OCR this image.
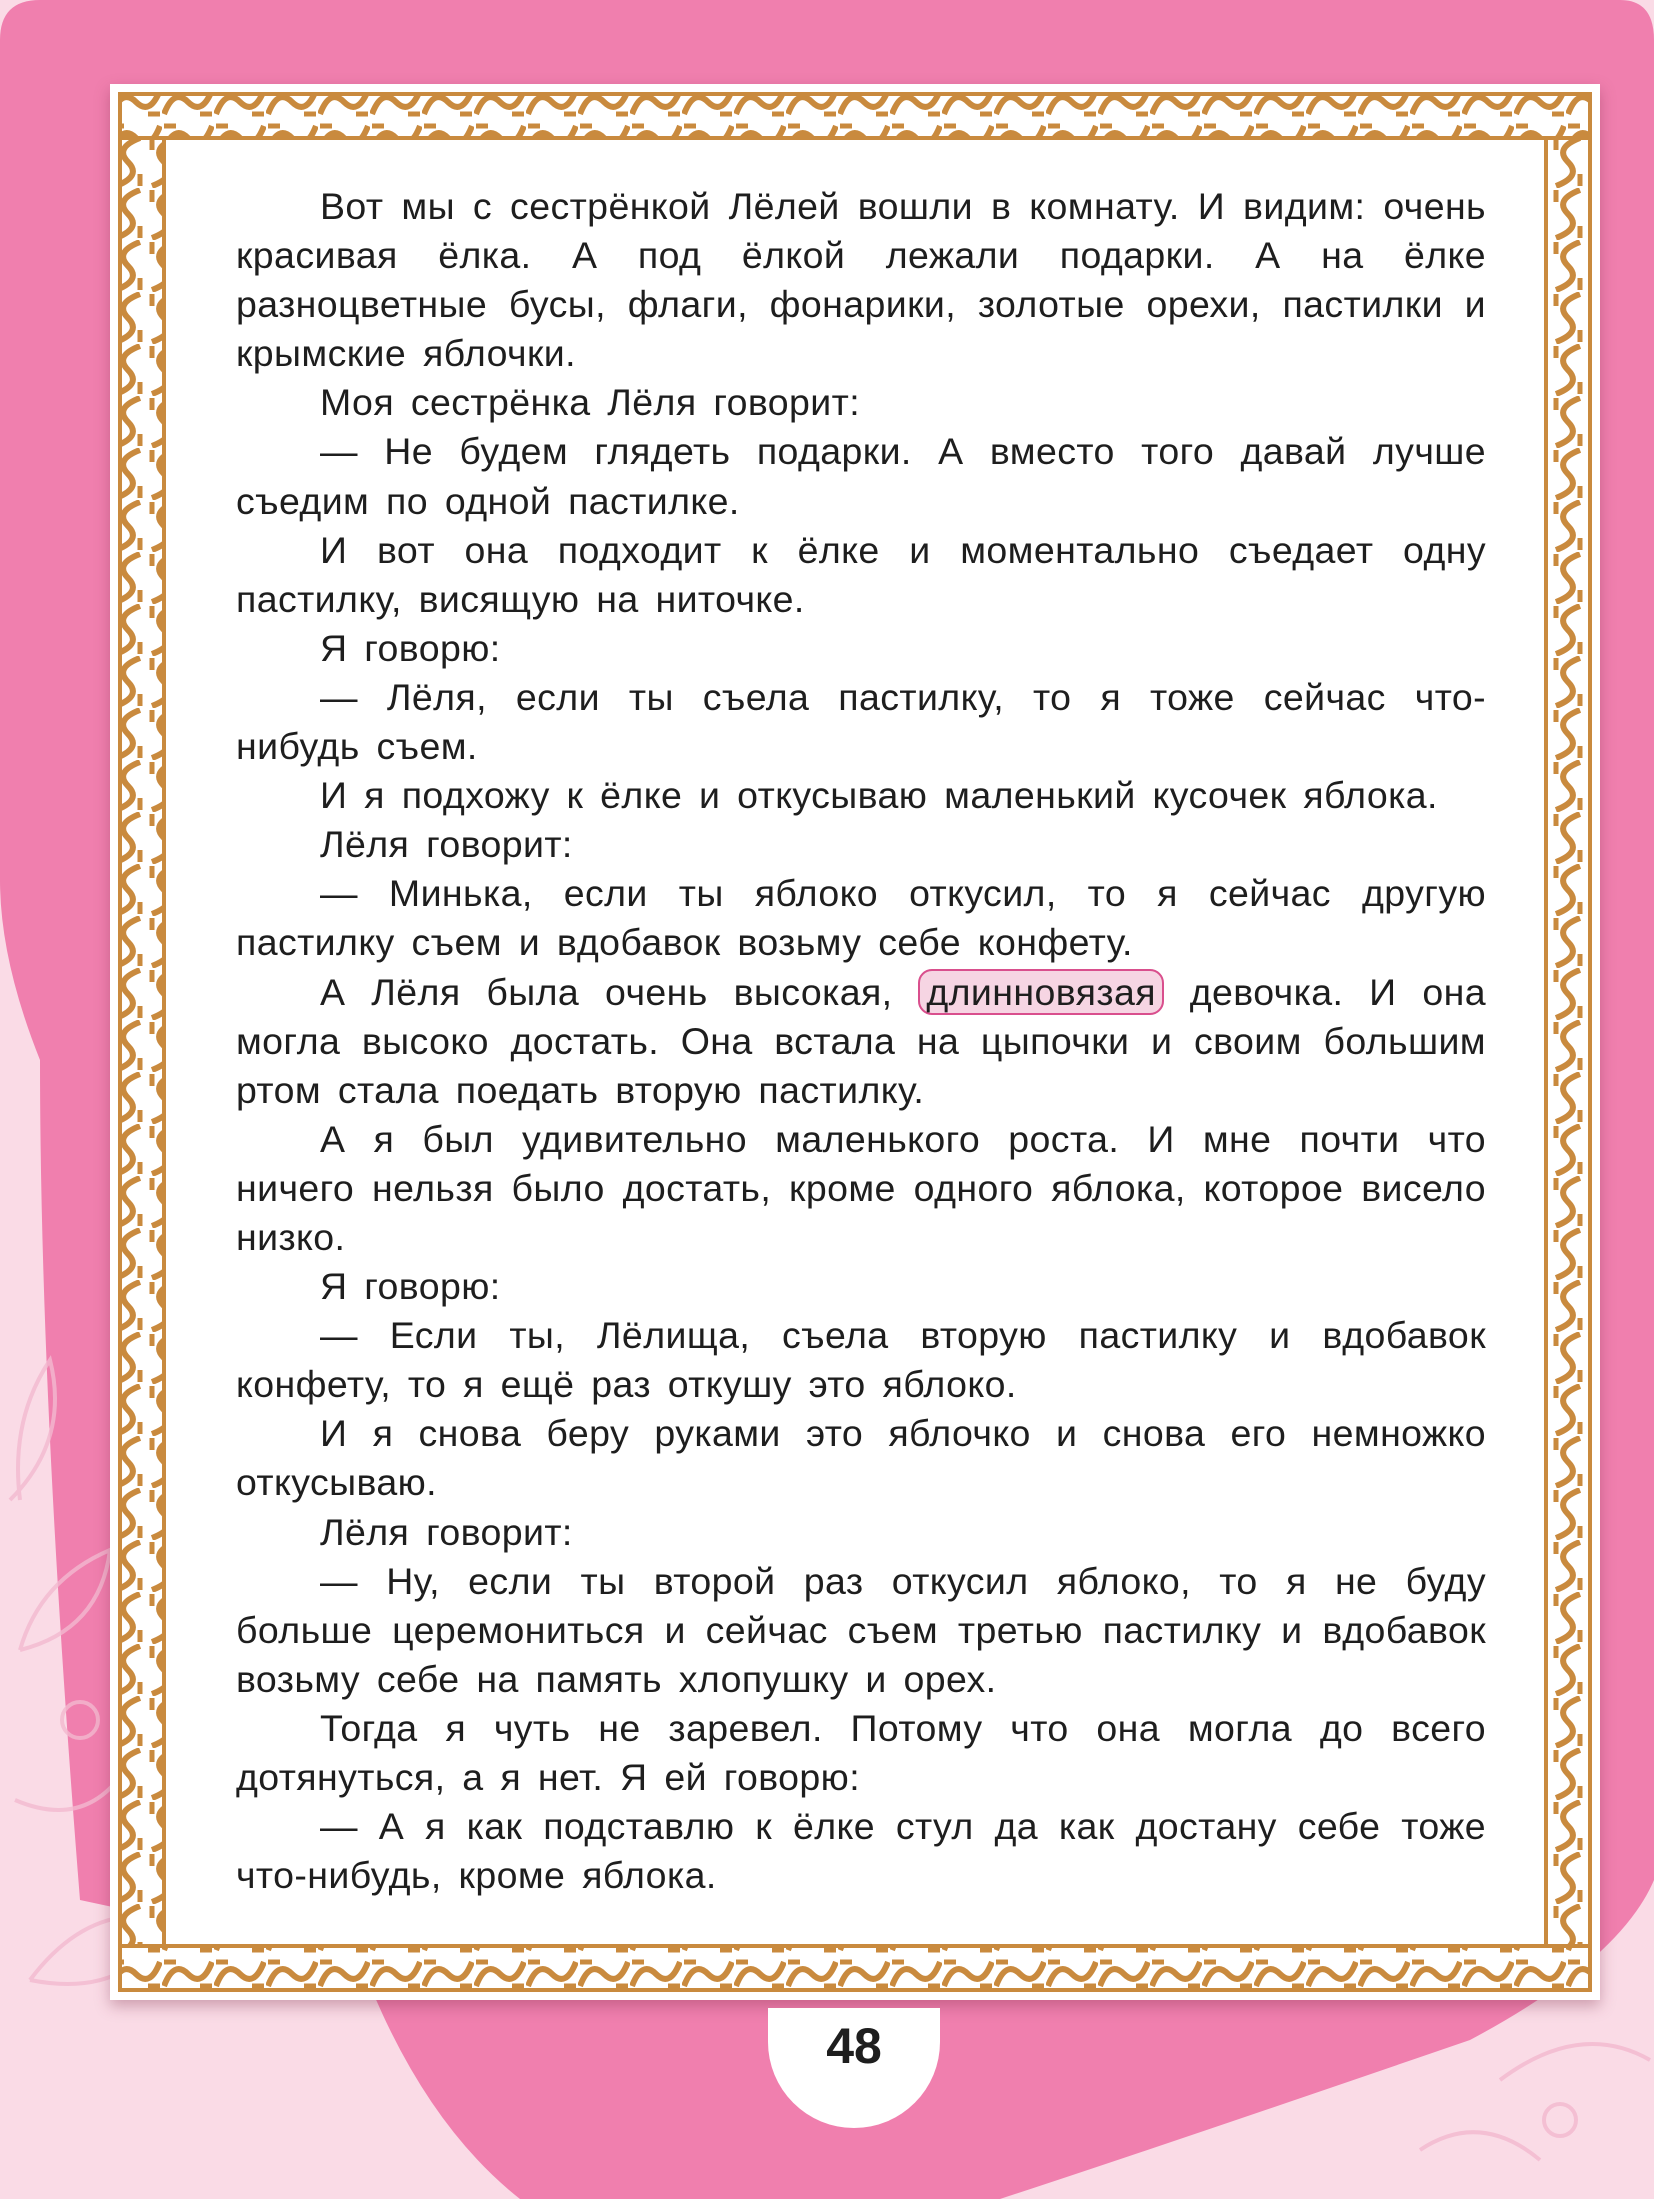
Вот мы с сестрёнкой Лёлей вошли в комнату. И видим: очень красивая ёлка. А под ёлкой лежали подарки. А на ёлке разноцветные бусы, флаги, фонарики, золотые орехи, пастилки и крымские яблочки.

Моя сестрёнка Лёля говорит:

— Не будем глядеть подарки. А вместо того давай лучше съедим по одной пастилке.

И вот она подходит к ёлке и моментально съедает одну пастилку, висящую на ниточке.

Я говорю:

— Лёля, если ты съела пастилку, то я тоже сейчас что-нибудь съем.

И я подхожу к ёлке и откусываю маленький кусочек яблока.

Лёля говорит:

— Минька, если ты яблоко откусил, то я сейчас другую пастилку съем и вдобавок возьму себе конфету.

А Лёля была очень высокая, длинновязая девочка. И она могла высоко достать. Она встала на цыпочки и своим большим ртом стала поедать вторую пастилку.

А я был удивительно маленького роста. И мне почти что ничего нельзя было достать, кроме одного яблока, которое висело низко.

Я говорю:

— Если ты, Лёлища, съела вторую пастилку и вдобавок конфету, то я ещё раз откушу это яблоко.

И я снова беру руками это яблочко и снова его немножко откусываю.

Лёля говорит:

— Ну, если ты второй раз откусил яблоко, то я не буду больше церемониться и сейчас съем третью пастилку и вдобавок возьму себе на память хлопушку и орех.

Тогда я чуть не заревел. Потому что она могла до всего дотянуться, а я нет. Я ей говорю:

— А я как подставлю к ёлке стул да как достану себе тоже что-нибудь, кроме яблока.

48
